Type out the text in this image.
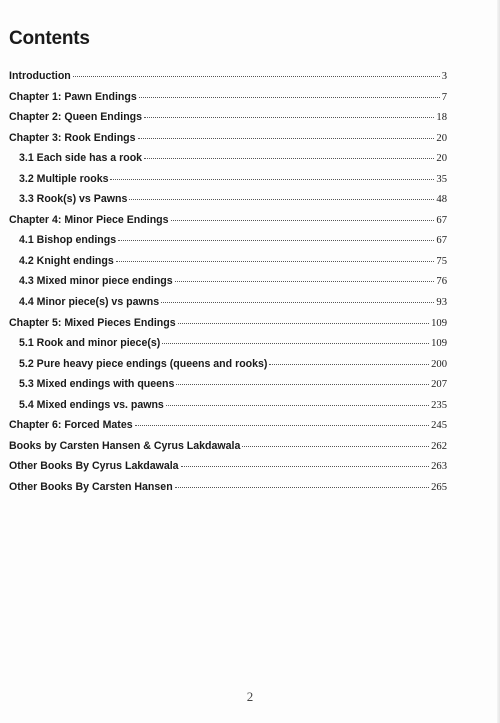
Contents
Introduction	3
Chapter 1: Pawn Endings	7
Chapter 2: Queen Endings	18
Chapter 3: Rook Endings	20
3.1 Each side has a rook	20
3.2 Multiple rooks	35
3.3 Rook(s) vs Pawns	48
Chapter 4: Minor Piece Endings	67
4.1 Bishop endings	67
4.2 Knight endings	75
4.3 Mixed minor piece endings	76
4.4 Minor piece(s) vs pawns	93
Chapter 5: Mixed Pieces Endings	109
5.1 Rook and minor piece(s)	109
5.2 Pure heavy piece endings (queens and rooks)	200
5.3 Mixed endings with queens	207
5.4 Mixed endings vs. pawns	235
Chapter 6: Forced Mates	245
Books by Carsten Hansen & Cyrus Lakdawala	262
Other Books By Cyrus Lakdawala	263
Other Books By Carsten Hansen	265
2
